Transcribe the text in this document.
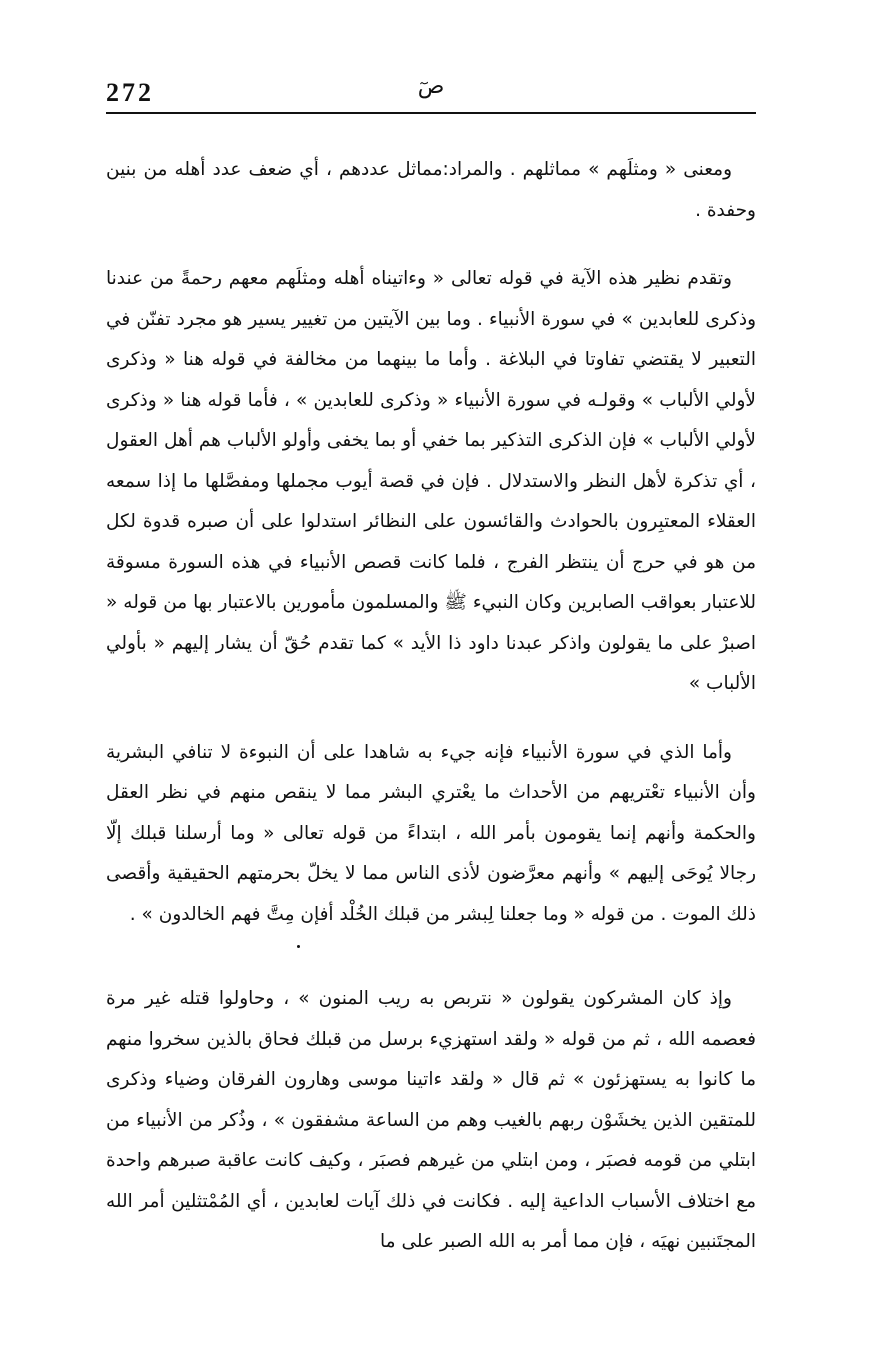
272	صٓ

ومعنى « ومثلَهم » مماثلهم . والمراد:مماثل عددهم ، أي ضعف عدد أهله من بنين وحفدة .

وتقدم نظير هذه الآية في قوله تعالى « وءاتيناه أهله ومثلَهم معهم رحمةً من عندنا وذكرى للعابدين » في سورة الأنبياء . وما بين الآيتين من تغيير يسير هو مجرد تفنّن في التعبير لا يقتضي تفاوتا في البلاغة . وأما ما بينهما من مخالفة في قوله هنا « وذكرى لأولي الألباب » وقولـه في سورة الأنبياء « وذكرى للعابدين » ، فأما قوله هنا « وذكرى لأولي الألباب » فإن الذكرى التذكير بما خفي أو بما يخفى وأولو الألباب هم أهل العقول ، أي تذكرة لأهل النظر والاستدلال . فإن في قصة أيوب مجملها ومفصَّلها ما إذا سمعه العقلاء المعتبِرون بالحوادث والقائسون على النظائر استدلوا على أن صبره قدوة لكل من هو في حرج أن ينتظر الفرج ، فلما كانت قصص الأنبياء في هذه السورة مسوقة للاعتبار بعواقب الصابرين وكان النبيء ﷺ والمسلمون مأمورين بالاعتبار بها من قوله « اصبرْ على ما يقولون واذكر عبدنا داود ذا الأيد » كما تقدم حُقّ أن يشار إليهم « بأولي الألباب »

وأما الذي في سورة الأنبياء فإنه جيء به شاهدا على أن النبوءة لا تنافي البشرية وأن الأنبياء تعْتريهم من الأحداث ما يعْتري البشر مما لا ينقص منهم في نظر العقل والحكمة وأنهم إنما يقومون بأمر الله ، ابتداءً من قوله تعالى « وما أرسلنا قبلك إلّا رجالا يُوحَى إليهم » وأنهم معرَّضون لأذى الناس مما لا يخلّ بحرمتهم الحقيقية وأقصى ذلك الموت . من قوله « وما جعلنا لِبشر من قبلك الخُلْد أفإن مِتَّ فهم الخالدون » .

وإذ كان المشركون يقولون « نتربص به ريب المنون » ، وحاولوا قتله غير مرة فعصمه الله ، ثم من قوله « ولقد استهزيء برسل من قبلك فحاق بالذين سخروا منهم ما كانوا به يستهزئون » ثم قال « ولقد ءاتينا موسى وهارون الفرقان وضياء وذكرى للمتقين الذين يخشَوْن ربهم بالغيب وهم من الساعة مشفقون » ، وذُكر من الأنبياء من ابتلي من قومه فصبَر ، ومن ابتلي من غيرهم فصبَر ، وكيف كانت عاقبة صبرهم واحدة مع اختلاف الأسباب الداعية إليه . فكانت في ذلك آيات لعابدين ، أي المُمْتثلين أمر الله المجتَنبين نهيَه ، فإن مما أمر به الله الصبر على ما
